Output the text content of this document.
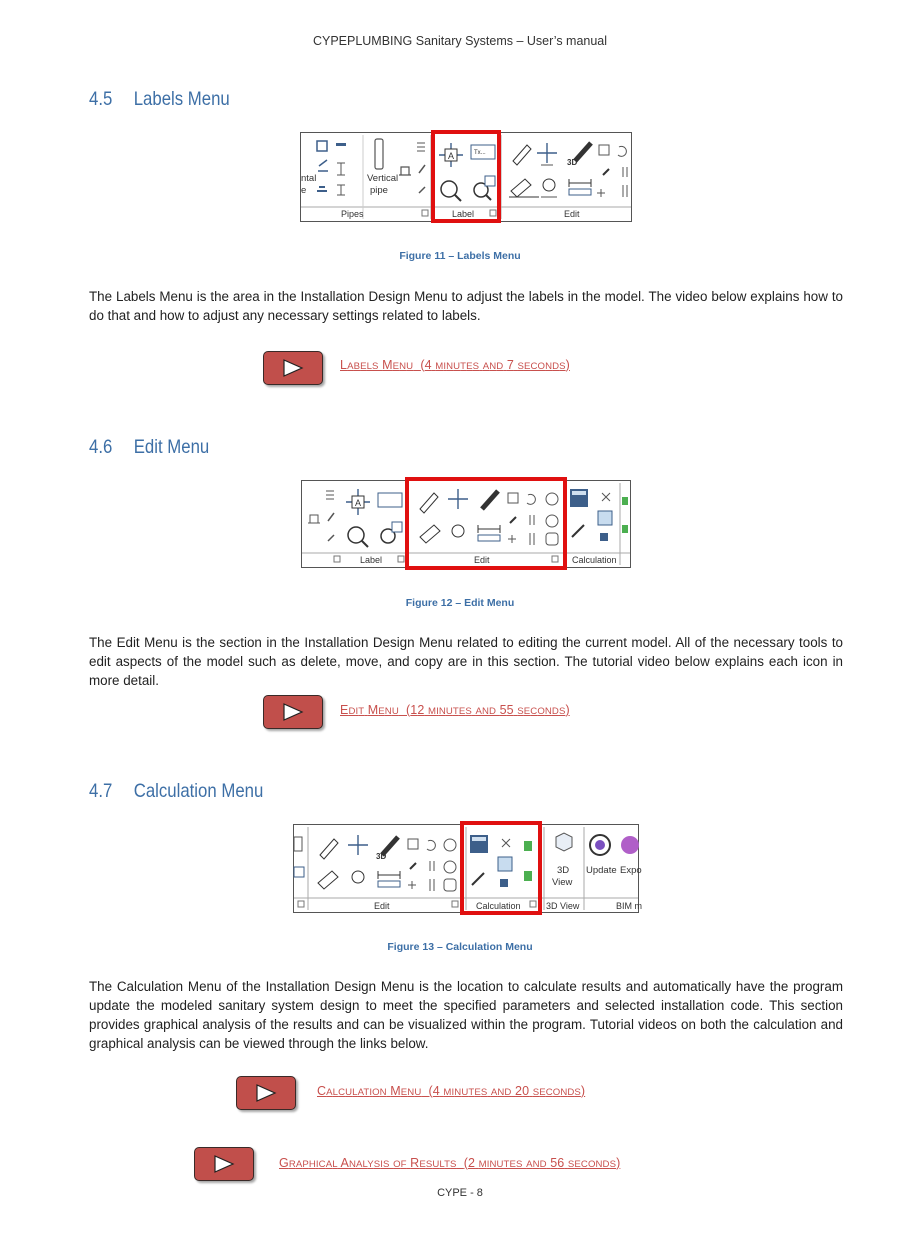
CYPEPLUMBING Sanitary Systems – User’s manual
4.5 Labels Menu
Vertical
pipe
ntal
e
A	Tx...
3D
Pipes	Label	Edit
Figure 11 – Labels Menu
The Labels Menu is the area in the Installation Design Menu to adjust the labels in the model. The video below explains how to do that and how to adjust any necessary settings related to labels.
LABELS MENU (4 MINUTES AND 7 SECONDS)
4.6 Edit Menu
A
Label	Edit	Calculation
Figure 12 – Edit Menu
The Edit Menu is the section in the Installation Design Menu related to editing the current model. All of the necessary tools to edit aspects of the model such as delete, move, and copy are in this section. The tutorial video below explains each icon in more detail.
EDIT MENU (12 MINUTES AND 55 SECONDS)
4.7 Calculation Menu
3D
3D
View
Update Expo
Edit	Calculation	3D View	BIM m
Figure 13 – Calculation Menu
The Calculation Menu of the Installation Design Menu is the location to calculate results and automatically have the program update the modeled sanitary system design to meet the specified parameters and selected installation code. This section provides graphical analysis of the results and can be visualized within the program. Tutorial videos on both the calculation and graphical analysis can be viewed through the links below.
CALCULATION MENU (4 MINUTES AND 20 SECONDS)
GRAPHICAL ANALYSIS OF RESULTS (2 MINUTES AND 56 SECONDS)
CYPE - 8
